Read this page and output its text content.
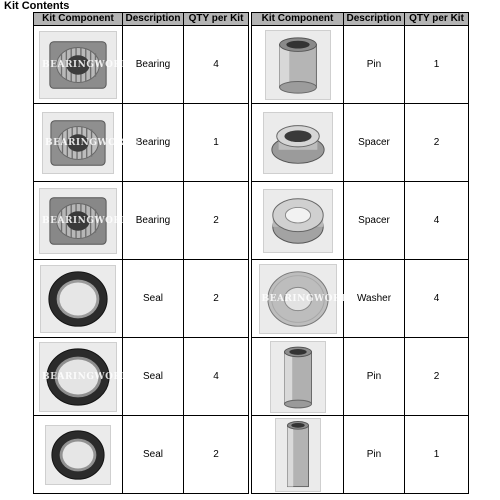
Kit Contents
Kit Component	Description	QTY per Kit

BEARINGWORKS	Bearing	4

BEARINGWORKS	Bearing	1

BEARINGWORKS	Bearing	2

	Seal	2

BEARINGWORKS	Seal	4

	Seal	2
Kit Component	Description	QTY per Kit

	Pin	1

	Spacer	2

	Spacer	4

BEARINGWORKS	Washer	4

	Pin	2

	Pin	1
